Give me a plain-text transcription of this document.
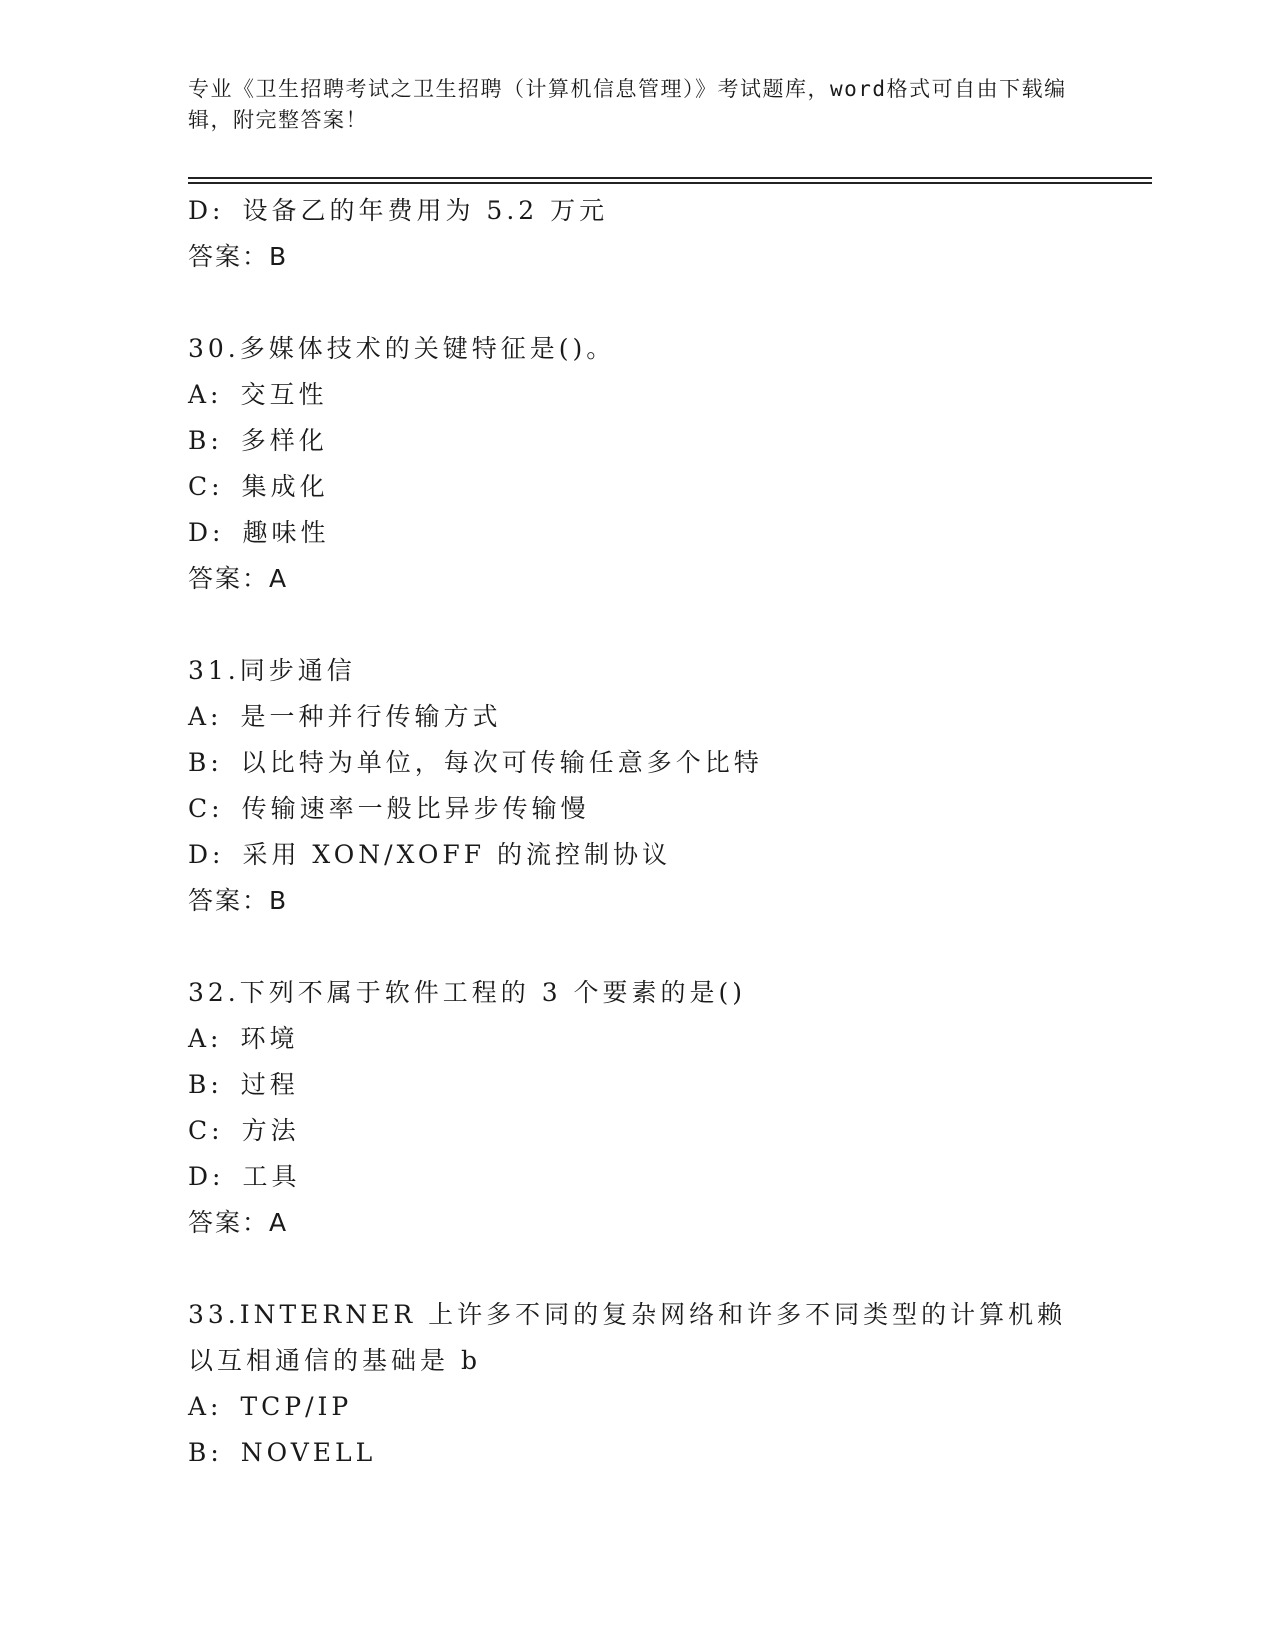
专业《卫生招聘考试之卫生招聘（计算机信息管理）》考试题库，word格式可自由下载编辑，附完整答案！
D: 设备乙的年费用为 5.2 万元
答案：B
30.多媒体技术的关键特征是()。
A: 交互性
B: 多样化
C: 集成化
D: 趣味性
答案：A
31.同步通信
A: 是一种并行传输方式
B: 以比特为单位，每次可传输任意多个比特
C: 传输速率一般比异步传输慢
D: 采用 XON/XOFF 的流控制协议
答案：B
32.下列不属于软件工程的 3 个要素的是()
A: 环境
B: 过程
C: 方法
D: 工具
答案：A
33.INTERNER 上许多不同的复杂网络和许多不同类型的计算机赖以互相通信的基础是 b
A: TCP/IP
B: NOVELL
